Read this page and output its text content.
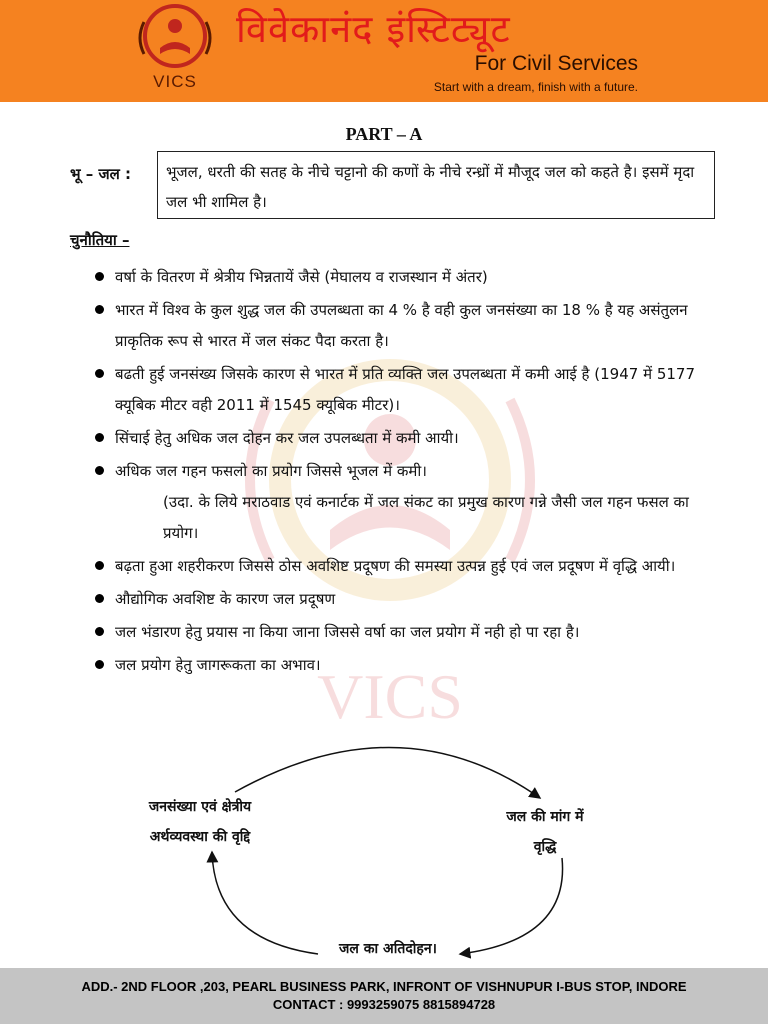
VICS
विवेकानंद इंस्टिट्यूट
For Civil Services
Start with a dream, finish with a future.
VICS
PART – A
भू – जल :	भूजल, धरती की सतह के नीचे चट्टानो की कणों के नीचे रन्ध्रों में मौजूद जल को कहते है। इसमें मृदा जल भी शामिल है।
चुनौतिया –
वर्षा के वितरण में श्रेत्रीय भिन्नतायें जैसे (मेघालय व राजस्थान में अंतर)
भारत में विश्व के कुल शुद्ध जल की उपलब्धता का 4 % है वही कुल जनसंख्या का 18 % है यह असंतुलन प्राकृतिक रूप से भारत में जल संकट पैदा करता है।
बढती हुई जनसंख्य जिसके कारण से भारत में प्रति व्यक्ति जल उपलब्धता में कमी आई है (1947 में 5177 क्यूबिक मीटर वही 2011 में 1545 क्यूबिक मीटर)।
सिंचाई हेतु अधिक जल दोहन कर जल उपलब्धता में कमी आयी।
अधिक जल गहन फसलो का प्रयोग जिससे भूजल में कमी।
(उदा. के लिये मराठवाड एवं कनार्टक में जल संकट का प्रमुख कारण गन्ने जैसी जल गहन फसल का प्रयोग।
बढ़ता हुआ शहरीकरण जिससे ठोस अवशिष्ट प्रदूषण की समस्या उत्पन्न हुई एवं जल प्रदूषण में वृद्धि आयी।
औद्योगिक अवशिष्ट के कारण जल प्रदूषण
जल भंडारण हेतु प्रयास ना किया जाना जिससे वर्षा का जल प्रयोग में नही हो पा रहा है।
जल प्रयोग हेतु जागरूकता का अभाव।
जनसंख्या एवं क्षेत्रीय
अर्थव्यवस्था की वृद्दि
जल की मांग में
वृद्धि
जल का अतिदोहन।
ADD.- 2ND FLOOR ,203, PEARL BUSINESS PARK, INFRONT OF VISHNUPUR I-BUS STOP, INDORE
CONTACT : 9993259075 8815894728
